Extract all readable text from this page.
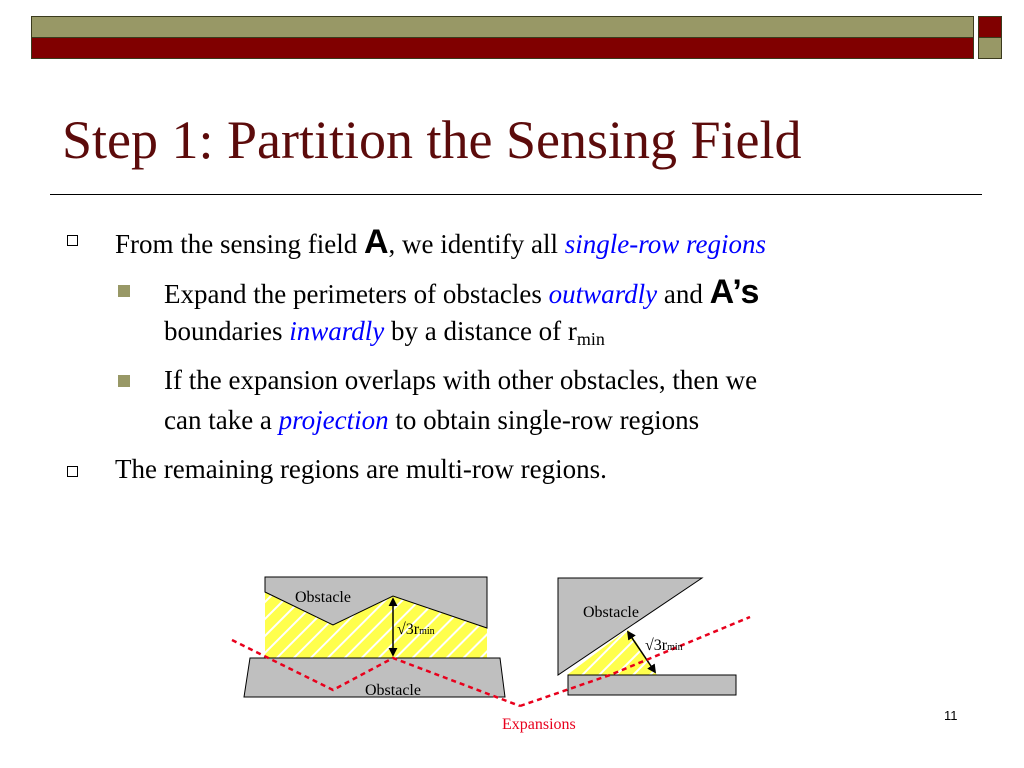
Step 1: Partition the Sensing Field
From the sensing field A, we identify all single-row regions
Expand the perimeters of obstacles outwardly and A’s
boundaries inwardly by a distance of $r_{min}$
If the expansion overlaps with other obstacles, then we
can take a projection to obtain single-row regions
The remaining regions are multi-row regions.
Obstacle
Obstacle
√3rmin
Obstacle
√3rmin
Expansions
11
